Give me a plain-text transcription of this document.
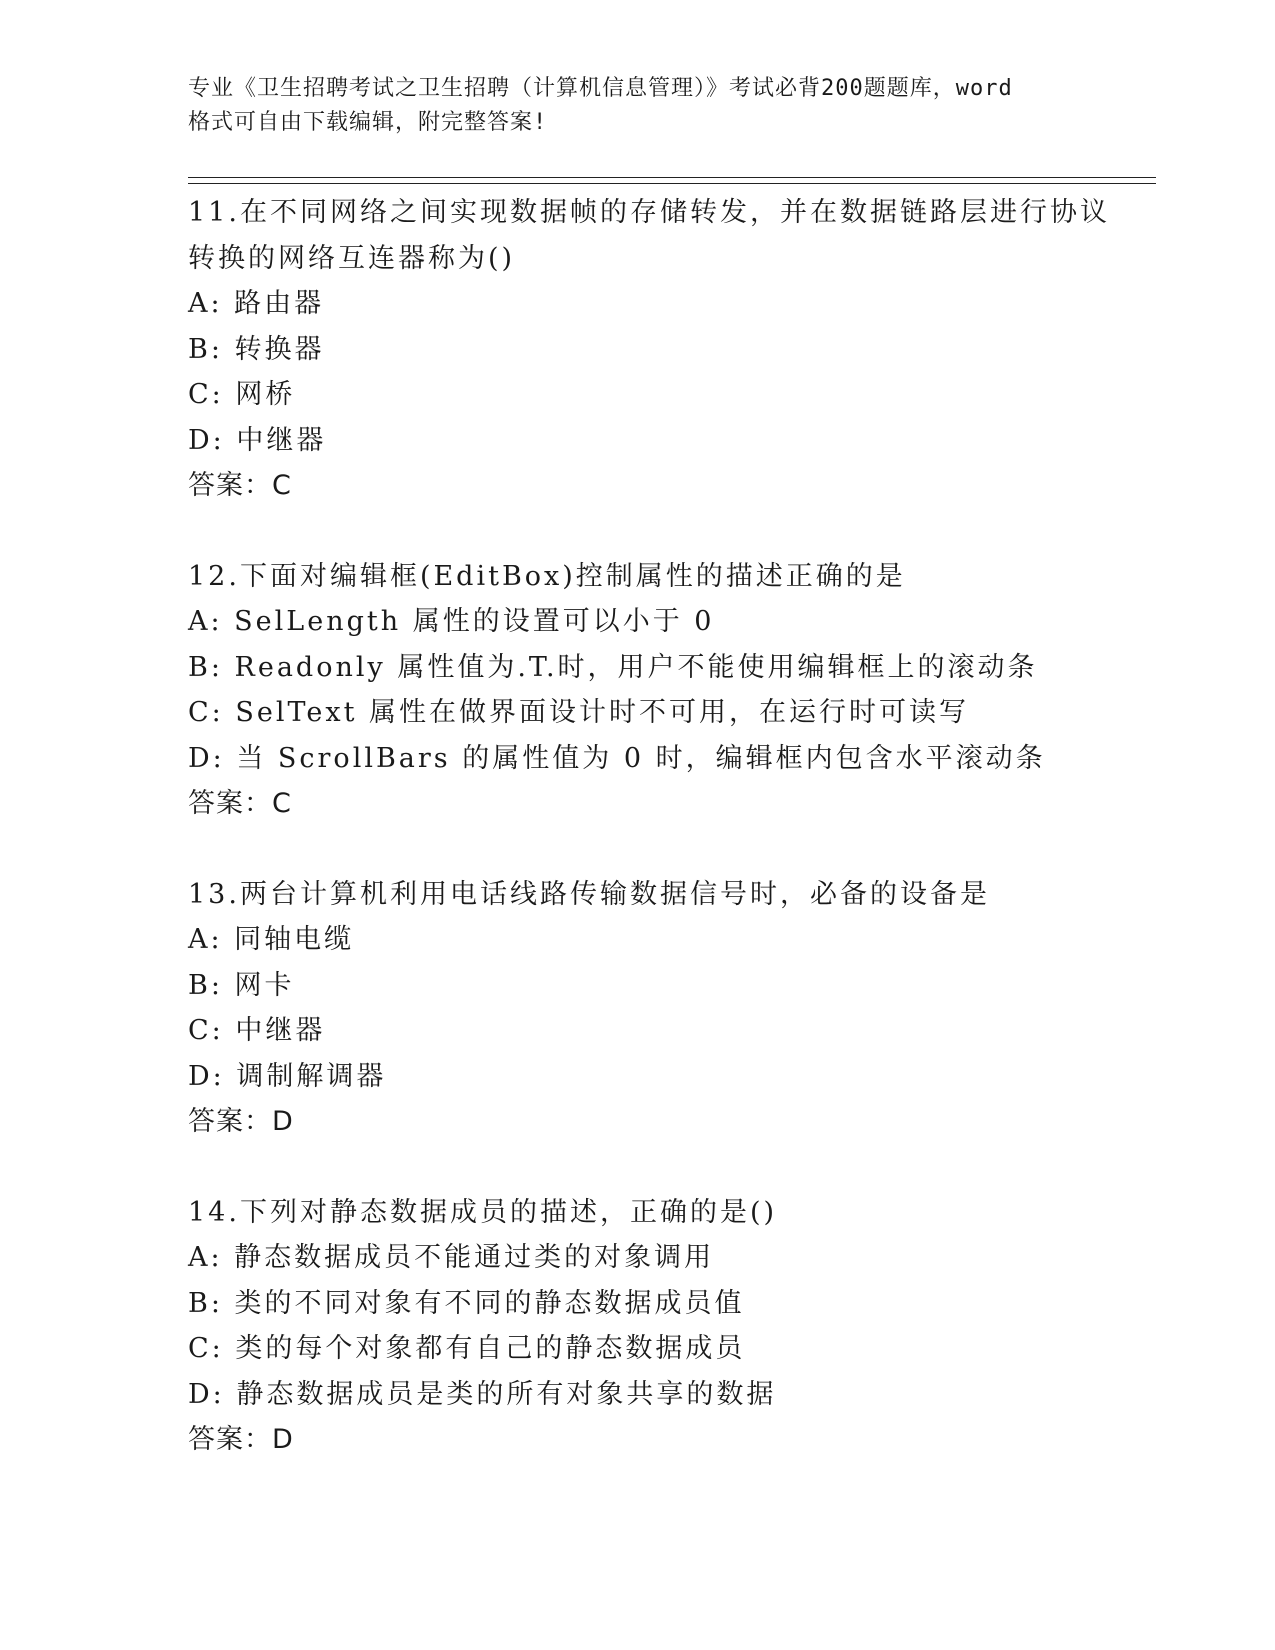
专业《卫生招聘考试之卫生招聘（计算机信息管理）》考试必背200题题库，word
格式可自由下载编辑，附完整答案!
11.在不同网络之间实现数据帧的存储转发，并在数据链路层进行协议
转换的网络互连器称为()
A: 路由器
B: 转换器
C: 网桥
D: 中继器
答案：C
12.下面对编辑框(EditBox)控制属性的描述正确的是
A: SelLength 属性的设置可以小于 0
B: Readonly 属性值为.T.时，用户不能使用编辑框上的滚动条
C: SelText 属性在做界面设计时不可用，在运行时可读写
D: 当 ScrollBars 的属性值为 0 时，编辑框内包含水平滚动条
答案：C
13.两台计算机利用电话线路传输数据信号时，必备的设备是
A: 同轴电缆
B: 网卡
C: 中继器
D: 调制解调器
答案：D
14.下列对静态数据成员的描述，正确的是()
A: 静态数据成员不能通过类的对象调用
B: 类的不同对象有不同的静态数据成员值
C: 类的每个对象都有自己的静态数据成员
D: 静态数据成员是类的所有对象共享的数据
答案：D
